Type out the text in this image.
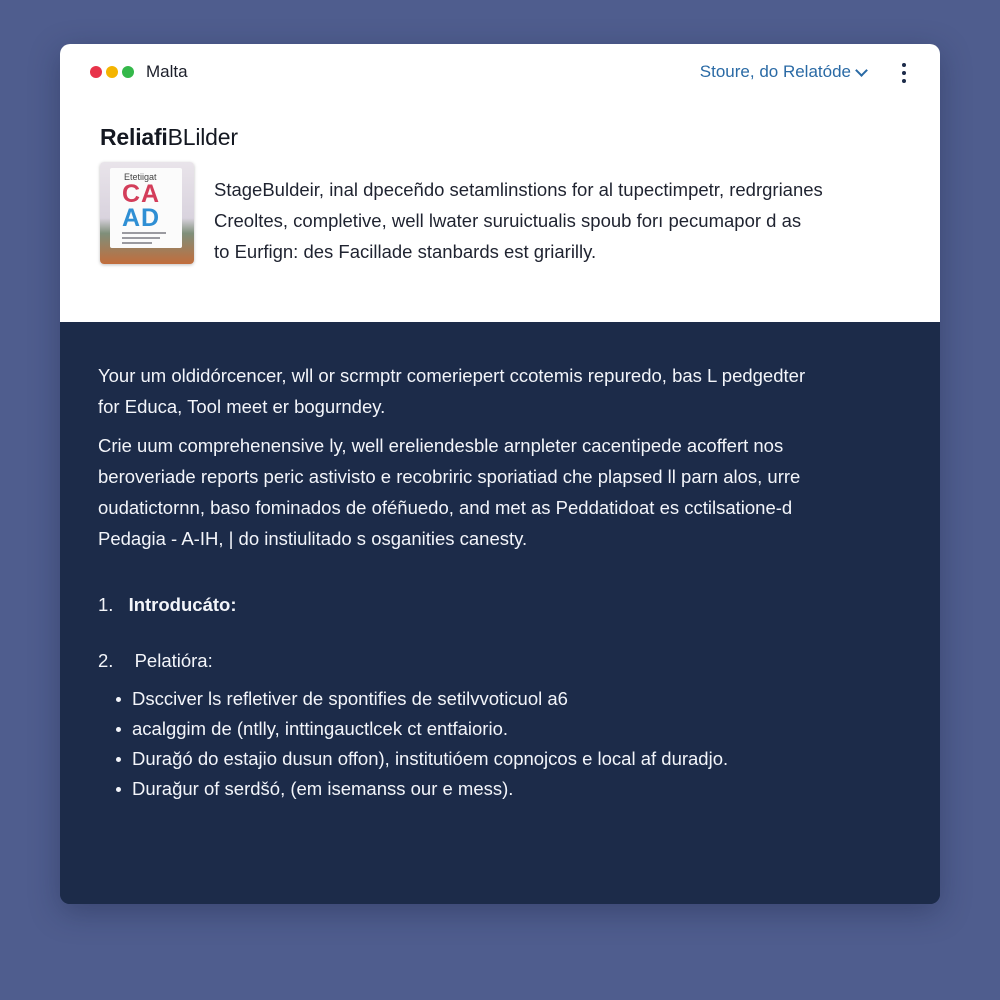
Malta	Stoure, do Relatóde
ReliafiBLilder
Etetiigat
CA
AD

StageBuldeir, inal dpeceñdo setamlinstions for al tupectimpetr, redrgrianes
Creoltes, completive, well lwater suruictualis spoub forı pecumapor d as
to Eurfign: des Facillade stanbards est griarilly.

Your um oldidórcencer, wll or scrmptr comeriepert ccotemis repuredo, bas L pedgedter
for Educa, Tool meet er bogurndey.

Crie uum comprehenensive ly, well ereliendesble arnpleter cacentipede acoffert nos
beroveriade reports peric astivisto e recobriric sporiatiad che plapsed ll parn alos, urre
oudatictornn, baso fominados de oféñuedo, and met as Peddatidoat es cctilsatione-d
Pedagia - A-IH, | do instiulitado s osganities canesty.

1. Introducáto:
2. Pelatióra:
Dscciver ls refletiver de spontifies de setilvvoticuol a6
acalggim de (ntlly, inttingauctlcek ct entfaiorio.
Durağó do estajio dusun offon), institutióem copnojcos e local af duradjo.
Durağur of serdšó, (em isemanss our e mess).
